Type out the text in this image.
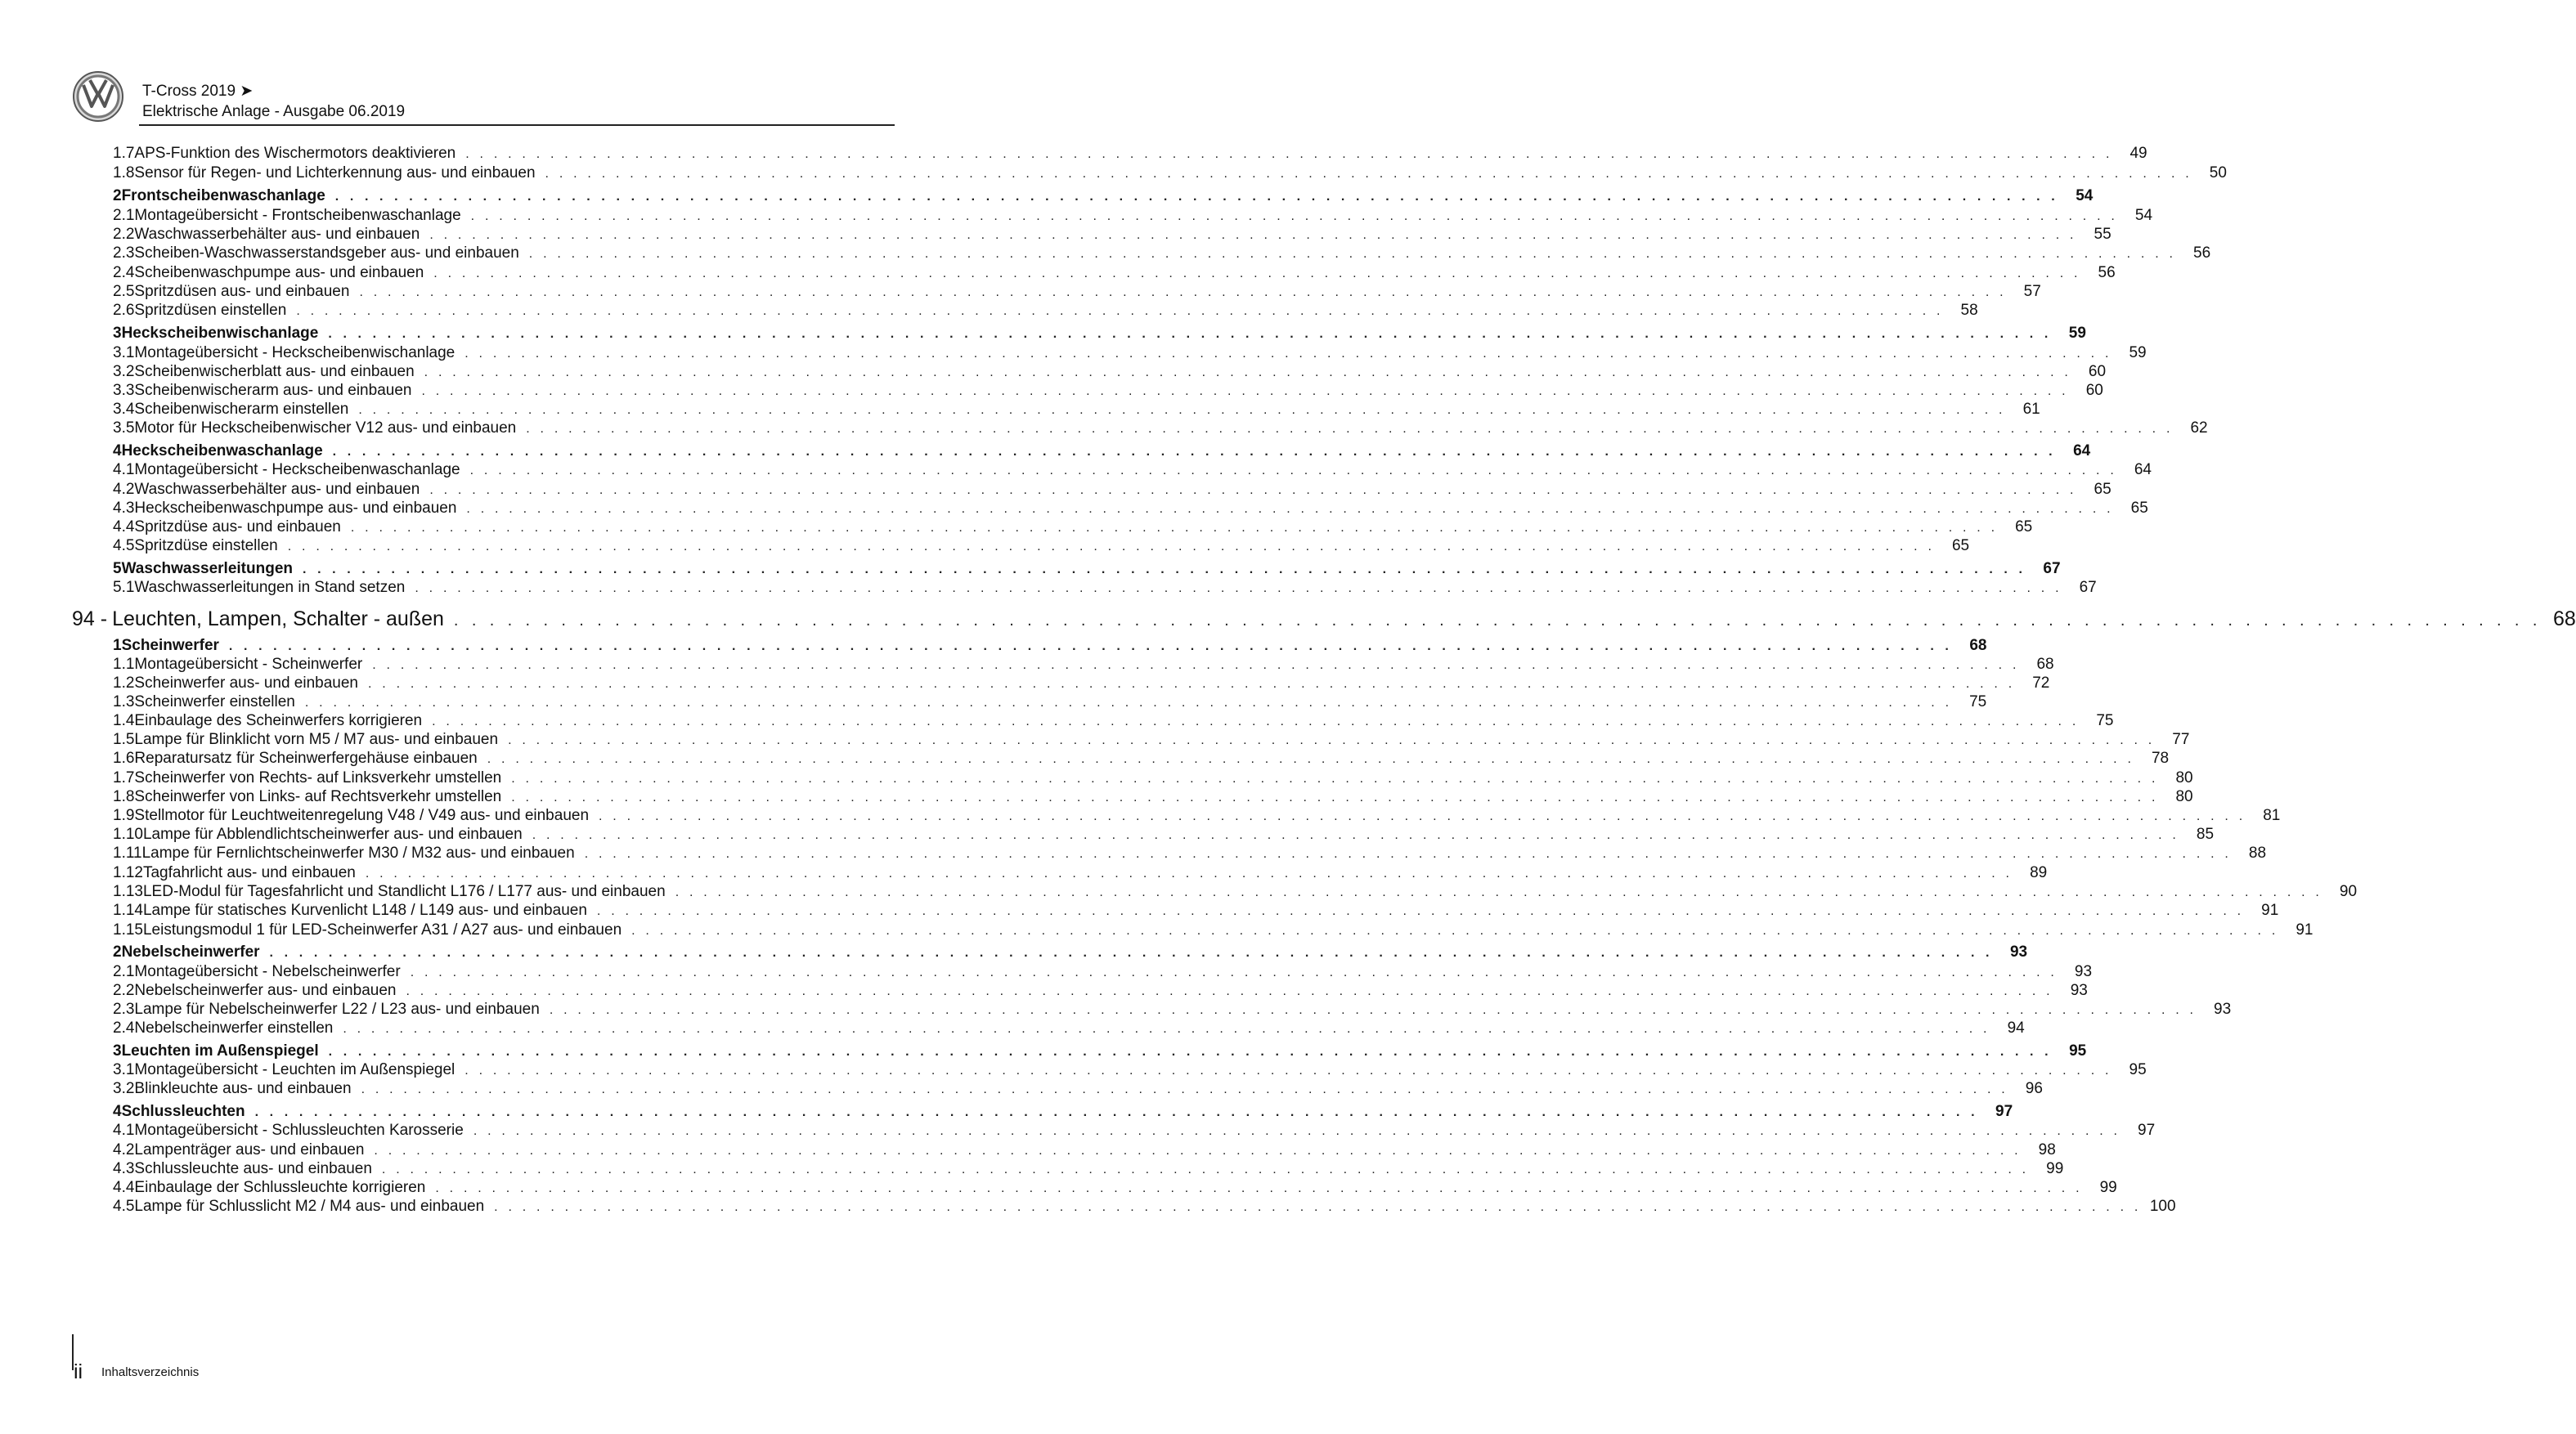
T-Cross 2019 ➤
Elektrische Anlage - Ausgabe 06.2019
1.7 APS-Funktion des Wischermotors deaktivieren . . . . . . . . . . . . . . . . . . . . . . . . . . . . . . . . . . . . . . . . . . . . . . . . . . . . . . . . . . . . . . . . . . . . . . . . . . . . . . . . . . . . . . . . . . . . . . . . . . . . . . . . . . . . . . . . . . . . .	49
1.8 Sensor für Regen- und Lichterkennung aus- und einbauen . . . . . . . . . . . . . . . . . . . . . . . . . . . . . . . . . . . . . . . . . . . . . . . . . . . . . . . . . . . . . . . . . . . . . . . . . . . . . . . . . . . . . . . . . . . . . . . . . . . . . . . . . . . . . . . . . . . . .	50
2 Frontscheibenwaschanlage . . . . . . . . . . . . . . . . . . . . . . . . . . . . . . . . . . . . . . . . . . . . . . . . . . . . . . . . . . . . . . . . . . . . . . . . . . . . . . . . . . . . . . . . . . . . . . . . . . . . . . . . . . . . . . . . . . . . .	54
2.1 Montageübersicht - Frontscheibenwaschanlage . . . . . . . . . . . . . . . . . . . . . . . . . . . . . . . . . . . . . . . . . . . . . . . . . . . . . . . . . . . . . . . . . . . . . . . . . . . . . . . . . . . . . . . . . . . . . . . . . . . . . . . . . . . . . . . . . . . . .	54
2.2 Waschwasserbehälter aus- und einbauen . . . . . . . . . . . . . . . . . . . . . . . . . . . . . . . . . . . . . . . . . . . . . . . . . . . . . . . . . . . . . . . . . . . . . . . . . . . . . . . . . . . . . . . . . . . . . . . . . . . . . . . . . . . . . . . . . . . . .	55
2.3 Scheiben-Waschwasserstandsgeber aus- und einbauen . . . . . . . . . . . . . . . . . . . . . . . . . . . . . . . . . . . . . . . . . . . . . . . . . . . . . . . . . . . . . . . . . . . . . . . . . . . . . . . . . . . . . . . . . . . . . . . . . . . . . . . . . . . . . . . . . . . . .	56
2.4 Scheibenwaschpumpe aus- und einbauen . . . . . . . . . . . . . . . . . . . . . . . . . . . . . . . . . . . . . . . . . . . . . . . . . . . . . . . . . . . . . . . . . . . . . . . . . . . . . . . . . . . . . . . . . . . . . . . . . . . . . . . . . . . . . . . . . . . . .	56
2.5 Spritzdüsen aus- und einbauen . . . . . . . . . . . . . . . . . . . . . . . . . . . . . . . . . . . . . . . . . . . . . . . . . . . . . . . . . . . . . . . . . . . . . . . . . . . . . . . . . . . . . . . . . . . . . . . . . . . . . . . . . . . . . . . . . . . . .	57
2.6 Spritzdüsen einstellen . . . . . . . . . . . . . . . . . . . . . . . . . . . . . . . . . . . . . . . . . . . . . . . . . . . . . . . . . . . . . . . . . . . . . . . . . . . . . . . . . . . . . . . . . . . . . . . . . . . . . . . . . . . . . . . . . . . . .	58
3 Heckscheibenwischanlage . . . . . . . . . . . . . . . . . . . . . . . . . . . . . . . . . . . . . . . . . . . . . . . . . . . . . . . . . . . . . . . . . . . . . . . . . . . . . . . . . . . . . . . . . . . . . . . . . . . . . . . . . . . . . . . . . . . . .	59
3.1 Montageübersicht - Heckscheibenwischanlage . . . . . . . . . . . . . . . . . . . . . . . . . . . . . . . . . . . . . . . . . . . . . . . . . . . . . . . . . . . . . . . . . . . . . . . . . . . . . . . . . . . . . . . . . . . . . . . . . . . . . . . . . . . . . . . . . . . . .	59
3.2 Scheibenwischerblatt aus- und einbauen . . . . . . . . . . . . . . . . . . . . . . . . . . . . . . . . . . . . . . . . . . . . . . . . . . . . . . . . . . . . . . . . . . . . . . . . . . . . . . . . . . . . . . . . . . . . . . . . . . . . . . . . . . . . . . . . . . . . .	60
3.3 Scheibenwischerarm aus- und einbauen . . . . . . . . . . . . . . . . . . . . . . . . . . . . . . . . . . . . . . . . . . . . . . . . . . . . . . . . . . . . . . . . . . . . . . . . . . . . . . . . . . . . . . . . . . . . . . . . . . . . . . . . . . . . . . . . . . . . .	60
3.4 Scheibenwischerarm einstellen . . . . . . . . . . . . . . . . . . . . . . . . . . . . . . . . . . . . . . . . . . . . . . . . . . . . . . . . . . . . . . . . . . . . . . . . . . . . . . . . . . . . . . . . . . . . . . . . . . . . . . . . . . . . . . . . . . . . .	61
3.5 Motor für Heckscheibenwischer V12 aus- und einbauen . . . . . . . . . . . . . . . . . . . . . . . . . . . . . . . . . . . . . . . . . . . . . . . . . . . . . . . . . . . . . . . . . . . . . . . . . . . . . . . . . . . . . . . . . . . . . . . . . . . . . . . . . . . . . . . . . . . . .	62
4 Heckscheibenwaschanlage . . . . . . . . . . . . . . . . . . . . . . . . . . . . . . . . . . . . . . . . . . . . . . . . . . . . . . . . . . . . . . . . . . . . . . . . . . . . . . . . . . . . . . . . . . . . . . . . . . . . . . . . . . . . . . . . . . . . .	64
4.1 Montageübersicht - Heckscheibenwaschanlage . . . . . . . . . . . . . . . . . . . . . . . . . . . . . . . . . . . . . . . . . . . . . . . . . . . . . . . . . . . . . . . . . . . . . . . . . . . . . . . . . . . . . . . . . . . . . . . . . . . . . . . . . . . . . . . . . . . . .	64
4.2 Waschwasserbehälter aus- und einbauen . . . . . . . . . . . . . . . . . . . . . . . . . . . . . . . . . . . . . . . . . . . . . . . . . . . . . . . . . . . . . . . . . . . . . . . . . . . . . . . . . . . . . . . . . . . . . . . . . . . . . . . . . . . . . . . . . . . . .	65
4.3 Heckscheibenwaschpumpe aus- und einbauen . . . . . . . . . . . . . . . . . . . . . . . . . . . . . . . . . . . . . . . . . . . . . . . . . . . . . . . . . . . . . . . . . . . . . . . . . . . . . . . . . . . . . . . . . . . . . . . . . . . . . . . . . . . . . . . . . . . . .	65
4.4 Spritzdüse aus- und einbauen . . . . . . . . . . . . . . . . . . . . . . . . . . . . . . . . . . . . . . . . . . . . . . . . . . . . . . . . . . . . . . . . . . . . . . . . . . . . . . . . . . . . . . . . . . . . . . . . . . . . . . . . . . . . . . . . . . . . .	65
4.5 Spritzdüse einstellen . . . . . . . . . . . . . . . . . . . . . . . . . . . . . . . . . . . . . . . . . . . . . . . . . . . . . . . . . . . . . . . . . . . . . . . . . . . . . . . . . . . . . . . . . . . . . . . . . . . . . . . . . . . . . . . . . . . . .	65
5 Waschwasserleitungen . . . . . . . . . . . . . . . . . . . . . . . . . . . . . . . . . . . . . . . . . . . . . . . . . . . . . . . . . . . . . . . . . . . . . . . . . . . . . . . . . . . . . . . . . . . . . . . . . . . . . . . . . . . . . . . . . . . . .	67
5.1 Waschwasserleitungen in Stand setzen . . . . . . . . . . . . . . . . . . . . . . . . . . . . . . . . . . . . . . . . . . . . . . . . . . . . . . . . . . . . . . . . . . . . . . . . . . . . . . . . . . . . . . . . . . . . . . . . . . . . . . . . . . . . . . . . . . . . .	67
94 - Leuchten, Lampen, Schalter - außen . . . . . . . . . . . . . . . . . . . . . . . . . . . . . . . . . . . . . . . . . . . . . . . . . . . . . . . . . . . . . . . . . . . . . . . . . . . . . . . . . . . . . . . . . . . . . . . . . . . . . . . . . . . . . . . . . . . . . 68
1 Scheinwerfer . . . . . . . . . . . . . . . . . . . . . . . . . . . . . . . . . . . . . . . . . . . . . . . . . . . . . . . . . . . . . . . . . . . . . . . . . . . . . . . . . . . . . . . . . . . . . . . . . . . . . . . . . . . . . . . . . . . . .	68
1.1 Montageübersicht - Scheinwerfer . . . . . . . . . . . . . . . . . . . . . . . . . . . . . . . . . . . . . . . . . . . . . . . . . . . . . . . . . . . . . . . . . . . . . . . . . . . . . . . . . . . . . . . . . . . . . . . . . . . . . . . . . . . . . . . . . . . . .	68
1.2 Scheinwerfer aus- und einbauen . . . . . . . . . . . . . . . . . . . . . . . . . . . . . . . . . . . . . . . . . . . . . . . . . . . . . . . . . . . . . . . . . . . . . . . . . . . . . . . . . . . . . . . . . . . . . . . . . . . . . . . . . . . . . . . . . . . . .	72
1.3 Scheinwerfer einstellen . . . . . . . . . . . . . . . . . . . . . . . . . . . . . . . . . . . . . . . . . . . . . . . . . . . . . . . . . . . . . . . . . . . . . . . . . . . . . . . . . . . . . . . . . . . . . . . . . . . . . . . . . . . . . . . . . . . . .	75
1.4 Einbaulage des Scheinwerfers korrigieren . . . . . . . . . . . . . . . . . . . . . . . . . . . . . . . . . . . . . . . . . . . . . . . . . . . . . . . . . . . . . . . . . . . . . . . . . . . . . . . . . . . . . . . . . . . . . . . . . . . . . . . . . . . . . . . . . . . . .	75
1.5 Lampe für Blinklicht vorn M5 / M7 aus- und einbauen . . . . . . . . . . . . . . . . . . . . . . . . . . . . . . . . . . . . . . . . . . . . . . . . . . . . . . . . . . . . . . . . . . . . . . . . . . . . . . . . . . . . . . . . . . . . . . . . . . . . . . . . . . . . . . . . . . . . .	77
1.6 Reparatursatz für Scheinwerfergehäuse einbauen . . . . . . . . . . . . . . . . . . . . . . . . . . . . . . . . . . . . . . . . . . . . . . . . . . . . . . . . . . . . . . . . . . . . . . . . . . . . . . . . . . . . . . . . . . . . . . . . . . . . . . . . . . . . . . . . . . . . .	78
1.7 Scheinwerfer von Rechts- auf Linksverkehr umstellen . . . . . . . . . . . . . . . . . . . . . . . . . . . . . . . . . . . . . . . . . . . . . . . . . . . . . . . . . . . . . . . . . . . . . . . . . . . . . . . . . . . . . . . . . . . . . . . . . . . . . . . . . . . . . . . . . . . . .	80
1.8 Scheinwerfer von Links- auf Rechtsverkehr umstellen . . . . . . . . . . . . . . . . . . . . . . . . . . . . . . . . . . . . . . . . . . . . . . . . . . . . . . . . . . . . . . . . . . . . . . . . . . . . . . . . . . . . . . . . . . . . . . . . . . . . . . . . . . . . . . . . . . . . .	80
1.9 Stellmotor für Leuchtweitenregelung V48 / V49 aus- und einbauen . . . . . . . . . . . . . . . . . . . . . . . . . . . . . . . . . . . . . . . . . . . . . . . . . . . . . . . . . . . . . . . . . . . . . . . . . . . . . . . . . . . . . . . . . . . . . . . . . . . . . . . . . . . . . . . . . . . . .	81
1.10 Lampe für Abblendlichtscheinwerfer aus- und einbauen . . . . . . . . . . . . . . . . . . . . . . . . . . . . . . . . . . . . . . . . . . . . . . . . . . . . . . . . . . . . . . . . . . . . . . . . . . . . . . . . . . . . . . . . . . . . . . . . . . . . . . . . . . . . . . . . . . . . .	85
1.11 Lampe für Fernlichtscheinwerfer M30 / M32 aus- und einbauen . . . . . . . . . . . . . . . . . . . . . . . . . . . . . . . . . . . . . . . . . . . . . . . . . . . . . . . . . . . . . . . . . . . . . . . . . . . . . . . . . . . . . . . . . . . . . . . . . . . . . . . . . . . . . . . . . . . . .	88
1.12 Tagfahrlicht aus- und einbauen . . . . . . . . . . . . . . . . . . . . . . . . . . . . . . . . . . . . . . . . . . . . . . . . . . . . . . . . . . . . . . . . . . . . . . . . . . . . . . . . . . . . . . . . . . . . . . . . . . . . . . . . . . . . . . . . . . . . .	89
1.13 LED-Modul für Tagesfahrlicht und Standlicht L176 / L177 aus- und einbauen . . . . . . . . . . . . . . . . . . . . . . . . . . . . . . . . . . . . . . . . . . . . . . . . . . . . . . . . . . . . . . . . . . . . . . . . . . . . . . . . . . . . . . . . . . . . . . . . . . . . . . . . . . . . . . . . . . . . .	90
1.14 Lampe für statisches Kurvenlicht L148 / L149 aus- und einbauen . . . . . . . . . . . . . . . . . . . . . . . . . . . . . . . . . . . . . . . . . . . . . . . . . . . . . . . . . . . . . . . . . . . . . . . . . . . . . . . . . . . . . . . . . . . . . . . . . . . . . . . . . . . . . . . . . . . . .	91
1.15 Leistungsmodul 1 für LED-Scheinwerfer A31 / A27 aus- und einbauen . . . . . . . . . . . . . . . . . . . . . . . . . . . . . . . . . . . . . . . . . . . . . . . . . . . . . . . . . . . . . . . . . . . . . . . . . . . . . . . . . . . . . . . . . . . . . . . . . . . . . . . . . . . . . . . . . . . . .	91
2 Nebelscheinwerfer . . . . . . . . . . . . . . . . . . . . . . . . . . . . . . . . . . . . . . . . . . . . . . . . . . . . . . . . . . . . . . . . . . . . . . . . . . . . . . . . . . . . . . . . . . . . . . . . . . . . . . . . . . . . . . . . . . . . .	93
2.1 Montageübersicht - Nebelscheinwerfer . . . . . . . . . . . . . . . . . . . . . . . . . . . . . . . . . . . . . . . . . . . . . . . . . . . . . . . . . . . . . . . . . . . . . . . . . . . . . . . . . . . . . . . . . . . . . . . . . . . . . . . . . . . . . . . . . . . . .	93
2.2 Nebelscheinwerfer aus- und einbauen . . . . . . . . . . . . . . . . . . . . . . . . . . . . . . . . . . . . . . . . . . . . . . . . . . . . . . . . . . . . . . . . . . . . . . . . . . . . . . . . . . . . . . . . . . . . . . . . . . . . . . . . . . . . . . . . . . . . .	93
2.3 Lampe für Nebelscheinwerfer L22 / L23 aus- und einbauen . . . . . . . . . . . . . . . . . . . . . . . . . . . . . . . . . . . . . . . . . . . . . . . . . . . . . . . . . . . . . . . . . . . . . . . . . . . . . . . . . . . . . . . . . . . . . . . . . . . . . . . . . . . . . . . . . . . . .	93
2.4 Nebelscheinwerfer einstellen . . . . . . . . . . . . . . . . . . . . . . . . . . . . . . . . . . . . . . . . . . . . . . . . . . . . . . . . . . . . . . . . . . . . . . . . . . . . . . . . . . . . . . . . . . . . . . . . . . . . . . . . . . . . . . . . . . . . .	94
3 Leuchten im Außenspiegel . . . . . . . . . . . . . . . . . . . . . . . . . . . . . . . . . . . . . . . . . . . . . . . . . . . . . . . . . . . . . . . . . . . . . . . . . . . . . . . . . . . . . . . . . . . . . . . . . . . . . . . . . . . . . . . . . . . . .	95
3.1 Montageübersicht - Leuchten im Außenspiegel . . . . . . . . . . . . . . . . . . . . . . . . . . . . . . . . . . . . . . . . . . . . . . . . . . . . . . . . . . . . . . . . . . . . . . . . . . . . . . . . . . . . . . . . . . . . . . . . . . . . . . . . . . . . . . . . . . . . .	95
3.2 Blinkleuchte aus- und einbauen . . . . . . . . . . . . . . . . . . . . . . . . . . . . . . . . . . . . . . . . . . . . . . . . . . . . . . . . . . . . . . . . . . . . . . . . . . . . . . . . . . . . . . . . . . . . . . . . . . . . . . . . . . . . . . . . . . . . .	96
4 Schlussleuchten . . . . . . . . . . . . . . . . . . . . . . . . . . . . . . . . . . . . . . . . . . . . . . . . . . . . . . . . . . . . . . . . . . . . . . . . . . . . . . . . . . . . . . . . . . . . . . . . . . . . . . . . . . . . . . . . . . . . .	97
4.1 Montageübersicht - Schlussleuchten Karosserie . . . . . . . . . . . . . . . . . . . . . . . . . . . . . . . . . . . . . . . . . . . . . . . . . . . . . . . . . . . . . . . . . . . . . . . . . . . . . . . . . . . . . . . . . . . . . . . . . . . . . . . . . . . . . . . . . . . . .	97
4.2 Lampenträger aus- und einbauen . . . . . . . . . . . . . . . . . . . . . . . . . . . . . . . . . . . . . . . . . . . . . . . . . . . . . . . . . . . . . . . . . . . . . . . . . . . . . . . . . . . . . . . . . . . . . . . . . . . . . . . . . . . . . . . . . . . . .	98
4.3 Schlussleuchte aus- und einbauen . . . . . . . . . . . . . . . . . . . . . . . . . . . . . . . . . . . . . . . . . . . . . . . . . . . . . . . . . . . . . . . . . . . . . . . . . . . . . . . . . . . . . . . . . . . . . . . . . . . . . . . . . . . . . . . . . . . . .	99
4.4 Einbaulage der Schlussleuchte korrigieren . . . . . . . . . . . . . . . . . . . . . . . . . . . . . . . . . . . . . . . . . . . . . . . . . . . . . . . . . . . . . . . . . . . . . . . . . . . . . . . . . . . . . . . . . . . . . . . . . . . . . . . . . . . . . . . . . . . . .	99
4.5 Lampe für Schlusslicht M2 / M4 aus- und einbauen . . . . . . . . . . . . . . . . . . . . . . . . . . . . . . . . . . . . . . . . . . . . . . . . . . . . . . . . . . . . . . . . . . . . . . . . . . . . . . . . . . . . . . . . . . . . . . . . . . . . . . . . . . . . . . . . . . . . . 100
ii Inhaltsverzeichnis
